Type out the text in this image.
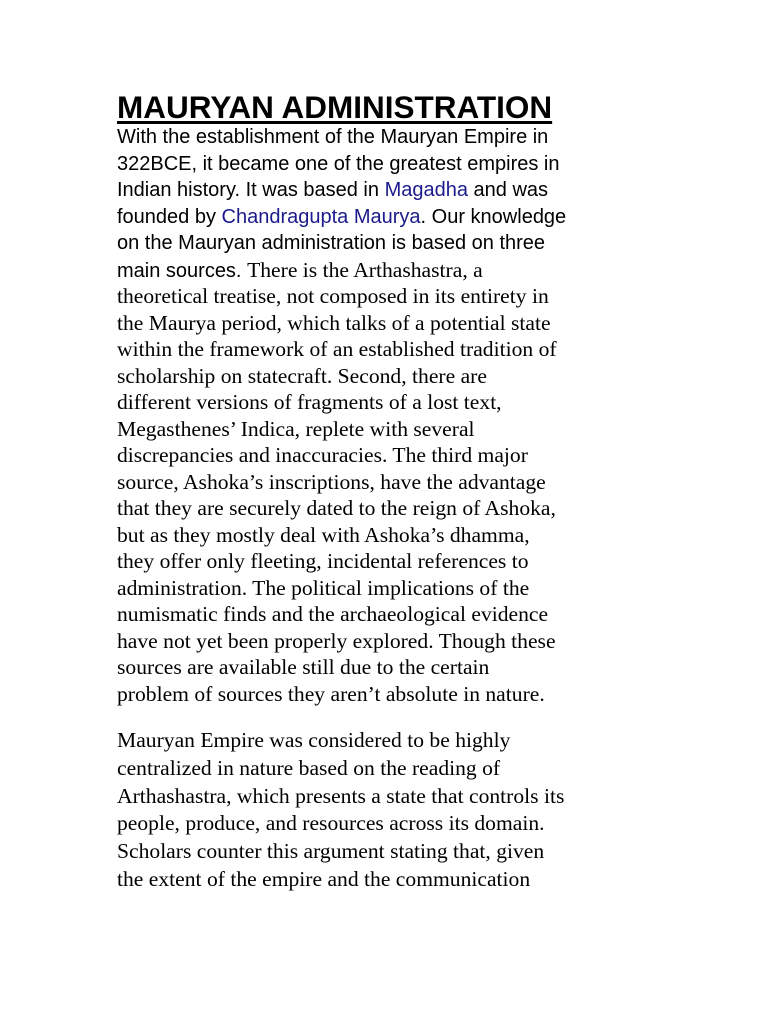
MAURYAN ADMINISTRATION
With the establishment of the Mauryan Empire in
322BCE, it became one of the greatest empires in
Indian history. It was based in Magadha and was
founded by Chandragupta Maurya. Our knowledge
on the Mauryan administration is based on three
main sources. There is the Arthashastra, a
theoretical treatise, not composed in its entirety in
the Maurya period, which talks of a potential state
within the framework of an established tradition of
scholarship on statecraft. Second, there are
different versions of fragments of a lost text,
Megasthenes’ Indica, replete with several
discrepancies and inaccuracies. The third major
source, Ashoka’s inscriptions, have the advantage
that they are securely dated to the reign of Ashoka,
but as they mostly deal with Ashoka’s dhamma,
they offer only fleeting, incidental references to
administration. The political implications of the
numismatic finds and the archaeological evidence
have not yet been properly explored. Though these
sources are available still due to the certain
problem of sources they aren’t absolute in nature.
Mauryan Empire was considered to be highly
centralized in nature based on the reading of
Arthashastra, which presents a state that controls its
people, produce, and resources across its domain.
Scholars counter this argument stating that, given
the extent of the empire and the communication
